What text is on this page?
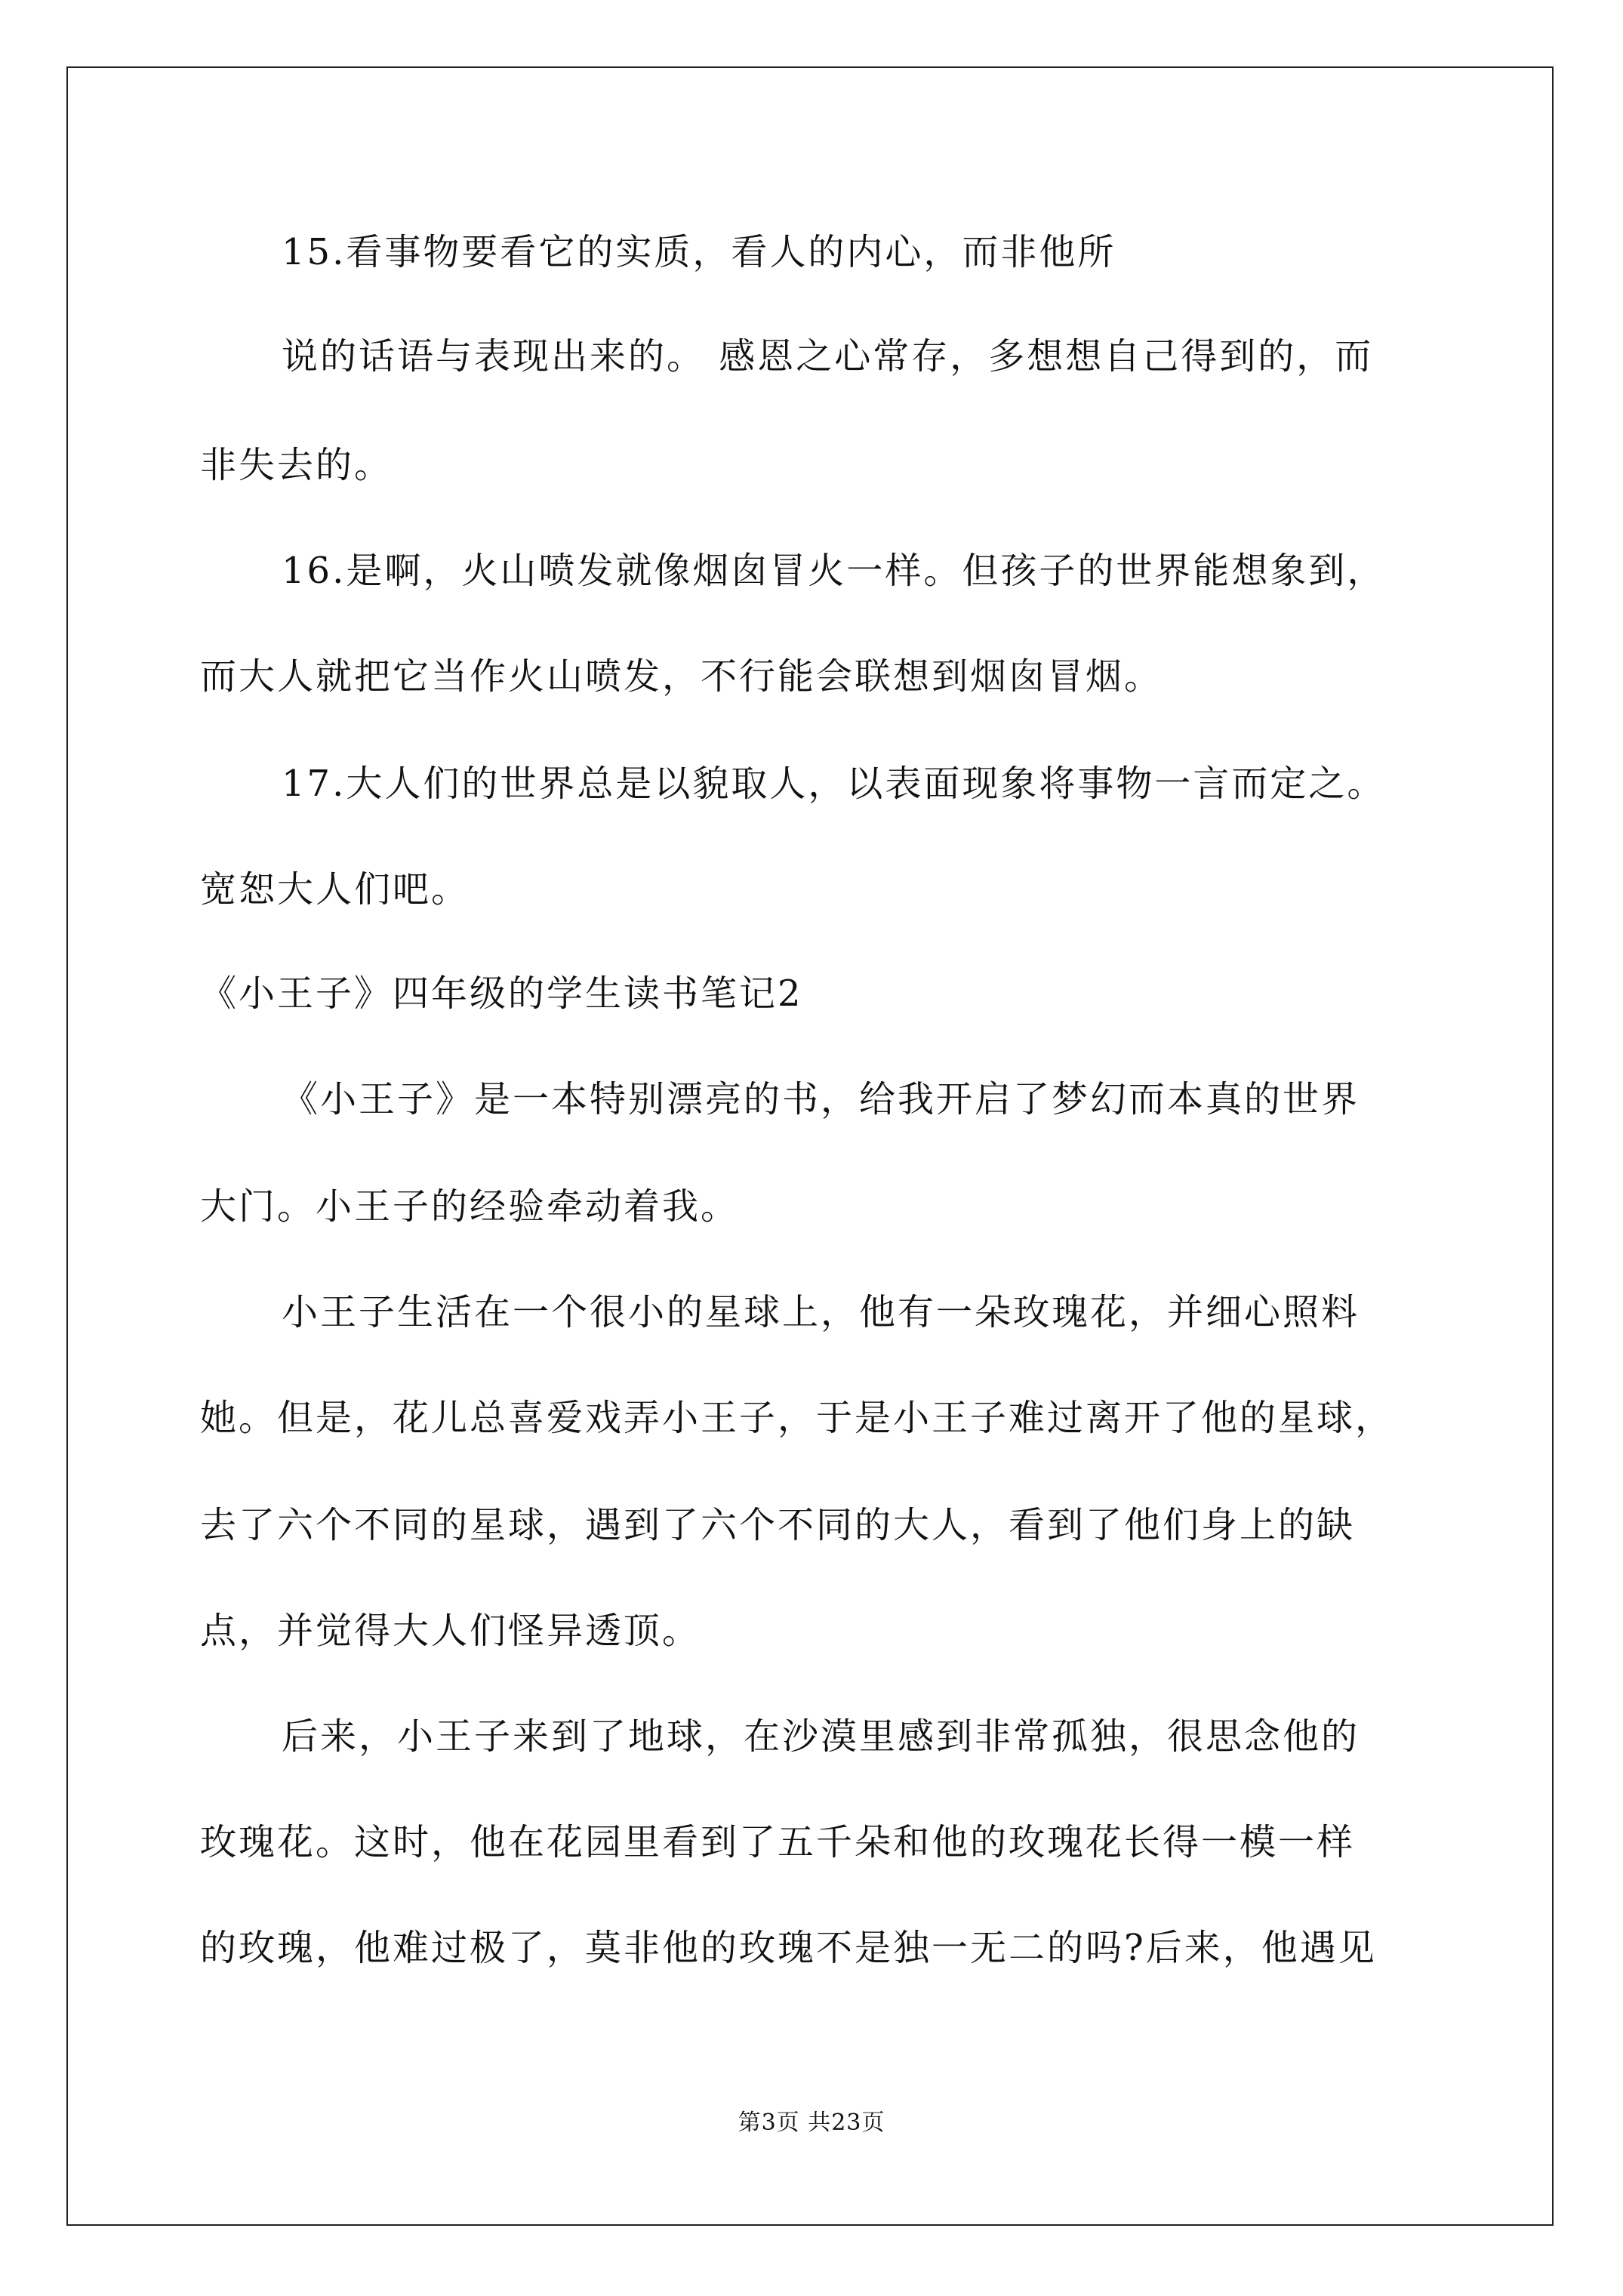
15.看事物要看它的实质，看人的内心，而非他所
说的话语与表现出来的。 感恩之心常存，多想想自己得到的，而
非失去的。
16.是啊，火山喷发就像烟囱冒火一样。但孩子的世界能想象到，
而大人就把它当作火山喷发，不行能会联想到烟囱冒烟。
17.大人们的世界总是以貌取人，以表面现象将事物一言而定之。
宽恕大人们吧。
《小王子》四年级的学生读书笔记2
《小王子》是一本特别漂亮的书，给我开启了梦幻而本真的世界
大门。小王子的经验牵动着我。
小王子生活在一个很小的星球上，他有一朵玫瑰花，并细心照料
她。但是，花儿总喜爱戏弄小王子，于是小王子难过离开了他的星球，
去了六个不同的星球，遇到了六个不同的大人，看到了他们身上的缺
点，并觉得大人们怪异透顶。
后来，小王子来到了地球，在沙漠里感到非常孤独，很思念他的
玫瑰花。这时，他在花园里看到了五千朵和他的玫瑰花长得一模一样
的玫瑰，他难过极了，莫非他的玫瑰不是独一无二的吗?后来，他遇见
第3页 共23页
